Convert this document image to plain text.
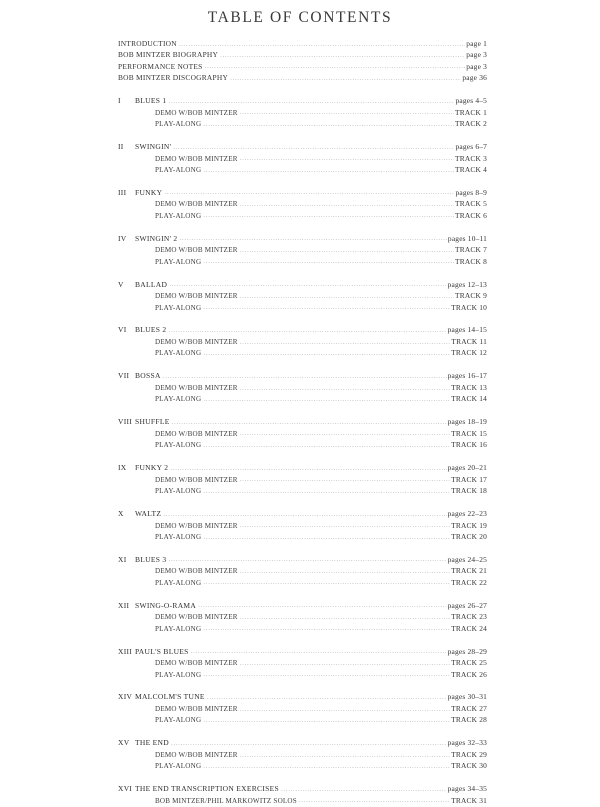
TABLE OF CONTENTS
INTRODUCTION .....	page 1
BOB MINTZER BIOGRAPHY .....	page 3
PERFORMANCE NOTES .....	page 3
BOB MINTZER DISCOGRAPHY .....	page 36
I BLUES 1 .....	pages 4–5
DEMO W/BOB MINTZER .....	TRACK 1
PLAY-ALONG .....	TRACK 2
II SWINGIN' .....	pages 6–7
DEMO W/BOB MINTZER .....	TRACK 3
PLAY-ALONG .....	TRACK 4
III FUNKY .....	pages 8–9
DEMO W/BOB MINTZER .....	TRACK 5
PLAY-ALONG .....	TRACK 6
IV SWINGIN' 2 .....	pages 10–11
DEMO W/BOB MINTZER .....	TRACK 7
PLAY-ALONG .....	TRACK 8
V BALLAD .....	pages 12–13
DEMO W/BOB MINTZER .....	TRACK 9
PLAY-ALONG .....	TRACK 10
VI BLUES 2 .....	pages 14–15
DEMO W/BOB MINTZER .....	TRACK 11
PLAY-ALONG .....	TRACK 12
VII BOSSA .....	pages 16–17
DEMO W/BOB MINTZER .....	TRACK 13
PLAY-ALONG .....	TRACK 14
VIII SHUFFLE .....	pages 18–19
DEMO W/BOB MINTZER .....	TRACK 15
PLAY-ALONG .....	TRACK 16
IX FUNKY 2 .....	pages 20–21
DEMO W/BOB MINTZER .....	TRACK 17
PLAY-ALONG .....	TRACK 18
X WALTZ .....	pages 22–23
DEMO W/BOB MINTZER .....	TRACK 19
PLAY-ALONG .....	TRACK 20
XI BLUES 3 .....	pages 24–25
DEMO W/BOB MINTZER .....	TRACK 21
PLAY-ALONG .....	TRACK 22
XII SWING-O-RAMA .....	pages 26–27
DEMO W/BOB MINTZER .....	TRACK 23
PLAY-ALONG .....	TRACK 24
XIII PAUL'S BLUES .....	pages 28–29
DEMO W/BOB MINTZER .....	TRACK 25
PLAY-ALONG .....	TRACK 26
XIV MALCOLM'S TUNE .....	pages 30–31
DEMO W/BOB MINTZER .....	TRACK 27
PLAY-ALONG .....	TRACK 28
XV THE END .....	pages 32–33
DEMO W/BOB MINTZER .....	TRACK 29
PLAY-ALONG .....	TRACK 30
XVI THE END TRANSCRIPTION EXERCISES .....	pages 34–35
BOB MINTZER/PHIL MARKOWITZ SOLOS .....	TRACK 31
